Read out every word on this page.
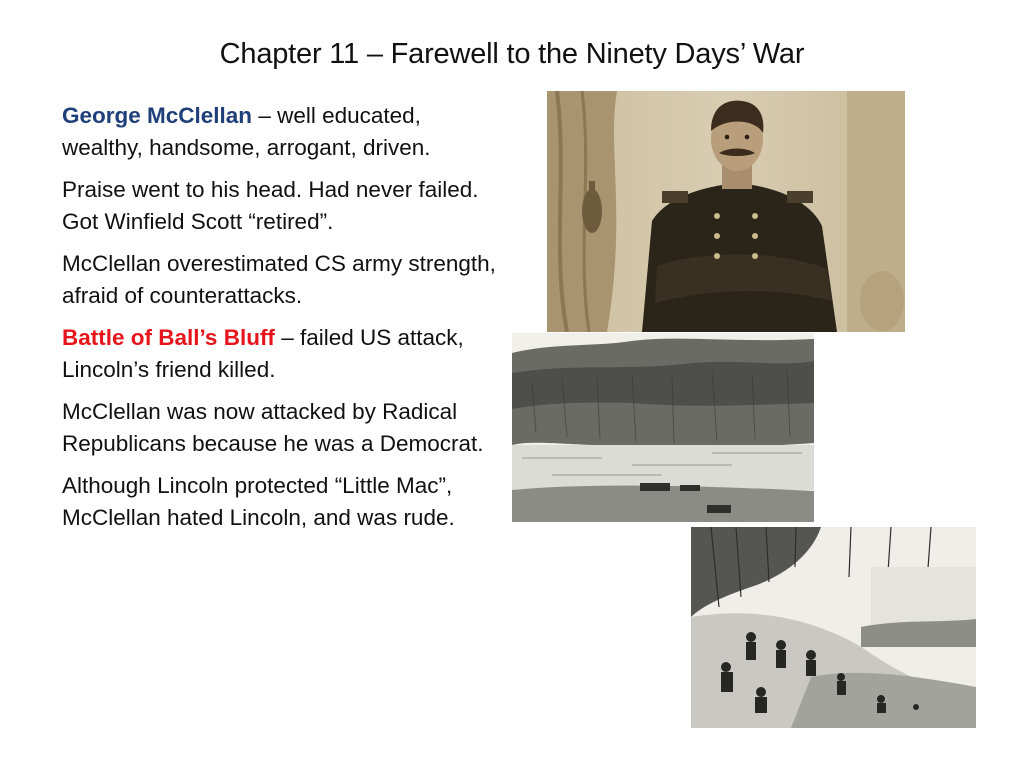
Chapter 11 – Farewell to the Ninety Days’ War

George McClellan – well educated, wealthy, handsome, arrogant, driven.

Praise went to his head. Had never failed. Got Winfield Scott “retired”.

McClellan overestimated CS army strength, afraid of counterattacks.

Battle of Ball’s Bluff – failed US attack, Lincoln’s friend killed.

McClellan was now attacked by Radical Republicans because he was a Democrat.

Although Lincoln protected “Little Mac”, McClellan hated Lincoln, and was rude.
